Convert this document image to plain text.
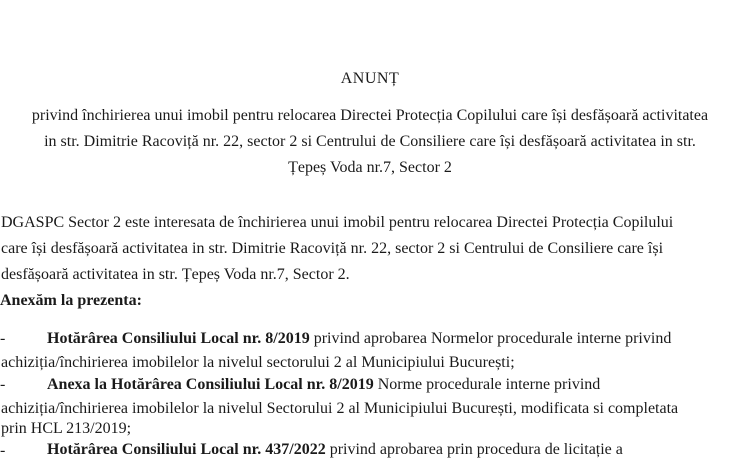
ANUNȚ
privind închirierea unui imobil pentru relocarea Directei Protecția Copilului care își desfășoară activitatea
in str. Dimitrie Racoviță nr. 22, sector 2 si Centrului de Consiliere care își desfășoară activitatea in str.
Țepeș Voda nr.7, Sector 2
DGASPC Sector 2 este interesata de închirierea unui imobil pentru relocarea Directei Protecția Copilului
care își desfășoară activitatea in str. Dimitrie Racoviță nr. 22, sector 2 si Centrului de Consiliere care își
desfășoară activitatea in str. Țepeș Voda nr.7, Sector 2.
Anexăm la prezenta:
-	Hotărârea Consiliului Local nr. 8/2019 privind aprobarea Normelor procedurale interne privind
achiziția/închirierea imobilelor la nivelul sectorului 2 al Municipiului București;
-	Anexa la Hotărârea Consiliului Local nr. 8/2019 Norme procedurale interne privind
achiziția/închirierea imobilelor la nivelul Sectorului 2 al Municipiului București, modificata si completata
prin HCL 213/2019;
-	Hotărârea Consiliului Local nr. 437/2022 privind aprobarea prin procedura de licitație a
